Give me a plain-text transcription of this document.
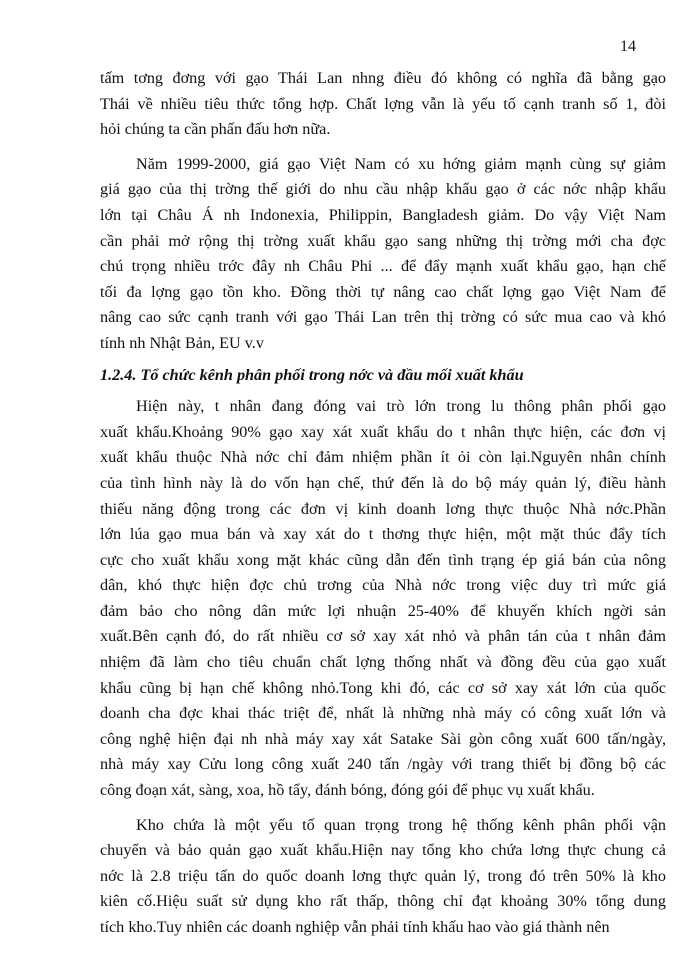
14
tấm tơng đơng với gạo Thái Lan nhng điều đó không có nghĩa đã bằng gạo
Thái về nhiều tiêu thức tổng hợp. Chất lợng vẫn là yếu tố cạnh tranh số 1, đòi
hỏi chúng ta cần phấn đấu hơn nữa.
Năm 1999-2000, giá gạo Việt Nam có xu hớng giảm mạnh cùng sự giảm
giá gạo của thị trờng thế giới do nhu cầu nhập khẩu gạo ở các nớc nhập khẩu
lớn tại Châu Á nh Indonexia, Philippin, Bangladesh giảm. Do vậy Việt Nam
cần phải mở rộng thị trờng xuất khẩu gạo sang những thị trờng mới cha đợc
chú trọng nhiều trớc đây nh Châu Phi ... để đẩy mạnh xuất khẩu gạo, hạn chế
tối đa lợng gạo tồn kho. Đồng thời tự nâng cao chất lợng gạo Việt Nam để
nâng cao sức cạnh tranh với gạo Thái Lan trên thị trờng có sức mua cao và khó
tính nh Nhật Bản, EU v.v
1.2.4. Tổ chức kênh phân phối trong nớc và đầu mối xuất khẩu
Hiện này, t nhân đang đóng vai trò lớn trong lu thông phân phối gạo
xuất khẩu.Khoảng 90% gạo xay xát xuất khẩu do t nhân thực hiện, các đơn vị
xuất khẩu thuộc Nhà nớc chỉ đảm nhiệm phần ít ỏi còn lại.Nguyên nhân chính
của tình hình này là do vốn hạn chế, thứ đến là do bộ máy quản lý, điều hành
thiếu năng động trong các đơn vị kinh doanh lơng thực thuộc Nhà nớc.Phần
lớn lúa gạo mua bán và xay xát do t thơng thực hiện, một mặt thúc đẩy tích
cực cho xuất khẩu xong mặt khác cũng dẫn đến tình trạng ép giá bán của nông
dân, khó thực hiện đợc chủ trơng của Nhà nớc trong việc duy trì mức giá
đảm bảo cho nông dân mức lợi nhuận 25-40% để khuyến khích ngời sản
xuất.Bên cạnh đó, do rất nhiều cơ sở xay xát nhỏ và phân tán của t nhân đảm
nhiệm đã làm cho tiêu chuẩn chất lợng thống nhất và đồng đều của gạo xuất
khẩu cũng bị hạn chế không nhỏ.Tong khi đó, các cơ sở xay xát lớn của quốc
doanh cha đợc khai thác triệt để, nhất là những nhà máy có công xuất lớn và
công nghệ hiện đại nh nhà máy xay xát Satake Sài gòn công xuất 600 tấn/ngày,
nhà máy xay Cửu long công xuất 240 tấn /ngày với trang thiết bị đồng bộ các
công đoạn xát, sàng, xoa, hồ tẩy, đánh bóng, đóng gói để phục vụ xuất khẩu.
Kho chứa là một yếu tố quan trọng trong hệ thống kênh phân phối vận
chuyển và bảo quản gạo xuất khẩu.Hiện nay tổng kho chứa lơng thực chung cả
nớc là 2.8 triệu tấn do quốc doanh lơng thực quản lý, trong đó trên 50% là kho
kiên cố.Hiệu suất sử dụng kho rất thấp, thông chỉ đạt khoảng 30% tổng dung
tích kho.Tuy nhiên các doanh nghiệp vẫn phải tính khấu hao vào giá thành nên
